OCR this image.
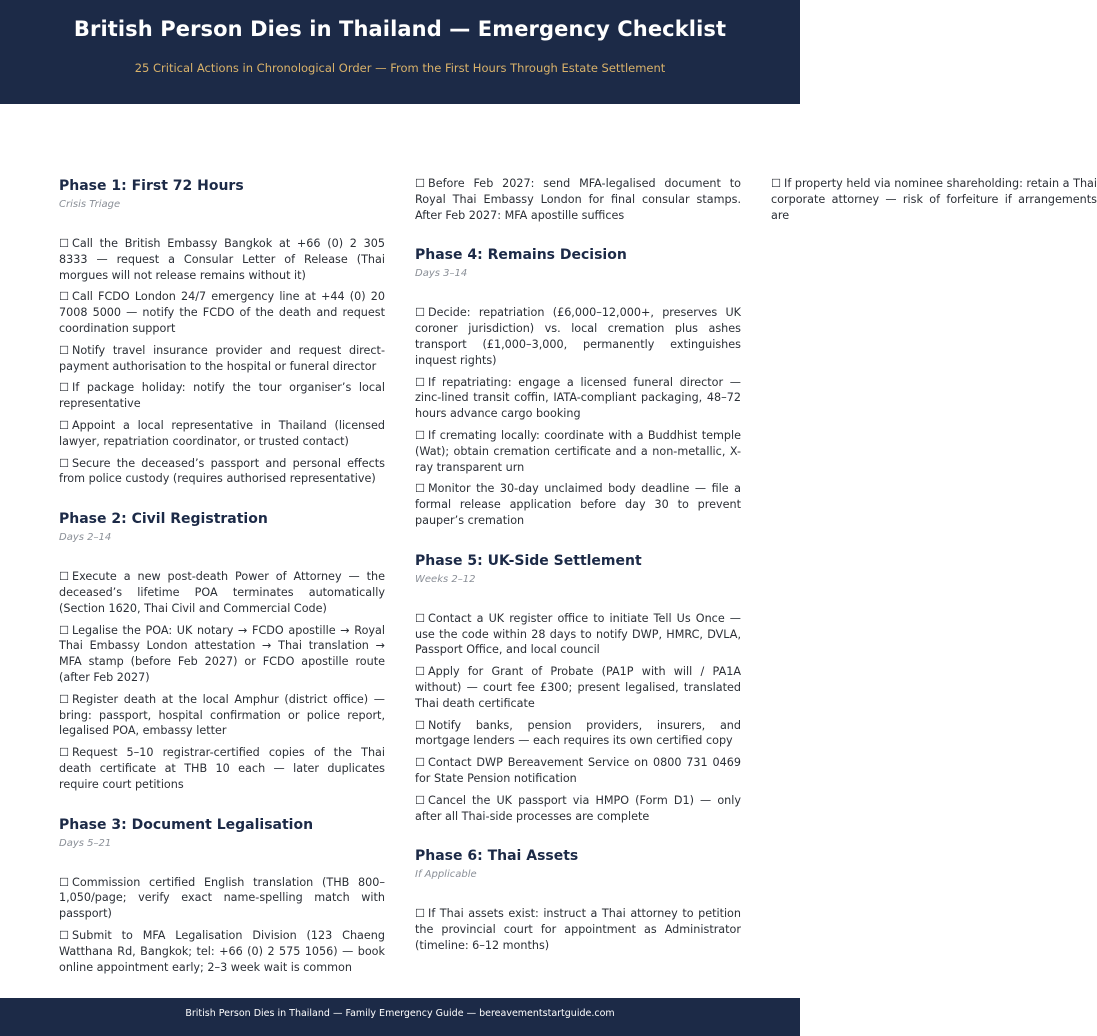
British Person Dies in Thailand — Emergency Checklist
25 Critical Actions in Chronological Order — From the First Hours Through Estate Settlement
Phase 1: First 72 Hours
Crisis Triage
☐ Call the British Embassy Bangkok at +66 (0) 2 305 8333 — request a Consular Letter of Release (Thai morgues will not release remains without it)
☐ Call FCDO London 24/7 emergency line at +44 (0) 20 7008 5000 — notify the FCDO of the death and request coordination support
☐ Notify travel insurance provider and request direct-payment authorisation to the hospital or funeral director
☐ If package holiday: notify the tour organiser’s local representative
☐ Appoint a local representative in Thailand (licensed lawyer, repatriation coordinator, or trusted contact)
☐ Secure the deceased’s passport and personal effects from police custody (requires authorised representative)
Phase 2: Civil Registration
Days 2–14
☐ Execute a new post-death Power of Attorney — the deceased’s lifetime POA terminates automatically (Section 1620, Thai Civil and Commercial Code)
☐ Legalise the POA: UK notary → FCDO apostille → Royal Thai Embassy London attestation → Thai translation → MFA stamp (before Feb 2027) or FCDO apostille route (after Feb 2027)
☐ Register death at the local Amphur (district office) — bring: passport, hospital confirmation or police report, legalised POA, embassy letter
☐ Request 5–10 registrar-certified copies of the Thai death certificate at THB 10 each — later duplicates require court petitions
Phase 3: Document Legalisation
Days 5–21
☐ Commission certified English translation (THB 800–1,050/page; verify exact name-spelling match with passport)
☐ Submit to MFA Legalisation Division (123 Chaeng Watthana Rd, Bangkok; tel: +66 (0) 2 575 1056) — book online appointment early; 2–3 week wait is common
☐ Before Feb 2027: send MFA-legalised document to Royal Thai Embassy London for final consular stamps. After Feb 2027: MFA apostille suffices
Phase 4: Remains Decision
Days 3–14
☐ Decide: repatriation (£6,000–12,000+, preserves UK coroner jurisdiction) vs. local cremation plus ashes transport (£1,000–3,000, permanently extinguishes inquest rights)
☐ If repatriating: engage a licensed funeral director — zinc-lined transit coffin, IATA-compliant packaging, 48–72 hours advance cargo booking
☐ If cremating locally: coordinate with a Buddhist temple (Wat); obtain cremation certificate and a non-metallic, X-ray transparent urn
☐ Monitor the 30-day unclaimed body deadline — file a formal release application before day 30 to prevent pauper’s cremation
Phase 5: UK-Side Settlement
Weeks 2–12
☐ Contact a UK register office to initiate Tell Us Once — use the code within 28 days to notify DWP, HMRC, DVLA, Passport Office, and local council
☐ Apply for Grant of Probate (PA1P with will / PA1A without) — court fee £300; present legalised, translated Thai death certificate
☐ Notify banks, pension providers, insurers, and mortgage lenders — each requires its own certified copy
☐ Contact DWP Bereavement Service on 0800 731 0469 for State Pension notification
☐ Cancel the UK passport via HMPO (Form D1) — only after all Thai-side processes are complete
Phase 6: Thai Assets
If Applicable
☐ If Thai assets exist: instruct a Thai attorney to petition the provincial court for appointment as Administrator (timeline: 6–12 months)
☐ If property held via nominee shareholding: retain a Thai corporate attorney — risk of forfeiture if arrangements are
British Person Dies in Thailand — Family Emergency Guide — bereavementstartguide.com
